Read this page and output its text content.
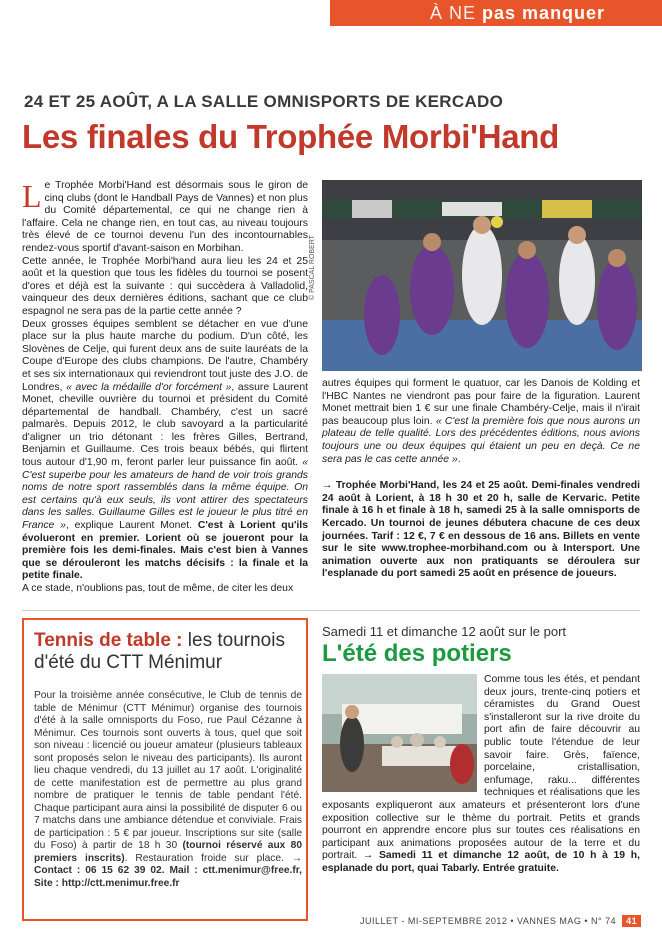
À NE pas manquer
24 ET 25 AOÛT, A LA SALLE OMNISPORTS DE KERCADO
Les finales du Trophée Morbi'Hand

Le Trophée Morbi'Hand est désormais sous le giron de cinq clubs (dont le Handball Pays de Vannes) et non plus du Comité départemental, ce qui ne change rien à l'affaire. Cela ne change rien, en tout cas, au niveau toujours très élevé de ce tournoi devenu l'un des incontournables rendez-vous sportif d'avant-saison en Morbihan.

Cette année, le Trophée Morbi'hand aura lieu les 24 et 25 août et la question que tous les fidèles du tournoi se posent d'ores et déjà est la suivante : qui succèdera à Valladolid, vainqueur des deux dernières éditions, sachant que ce club espagnol ne sera pas de la partie cette année ?

Deux grosses équipes semblent se détacher en vue d'une place sur la plus haute marche du podium. D'un côté, les Slovènes de Celje, qui furent deux ans de suite lauréats de la Coupe d'Europe des clubs champions. De l'autre, Chambéry et ses six internationaux qui reviendront tout juste des J.O. de Londres, « avec la médaille d'or forcément », assure Laurent Monet, cheville ouvrière du tournoi et président du Comité départemental de handball. Chambéry, c'est un sacré palmarès. Depuis 2012, le club savoyard a la particularité d'aligner un trio détonant : les frères Gilles, Bertrand, Benjamin et Guillaume. Ces trois beaux bébés, qui flirtent tous autour d'1,90 m, feront parler leur puissance fin août. « C'est superbe pour les amateurs de hand de voir trois grands noms de notre sport rassemblés dans la même équipe. On est certains qu'à eux seuls, ils vont attirer des spectateurs dans les salles. Guillaume Gilles est le joueur le plus titré en France », explique Laurent Monet. C'est à Lorient qu'ils évolueront en premier. Lorient où se joueront pour la première fois les demi-finales. Mais c'est bien à Vannes que se dérouleront les matchs décisifs : la finale et la petite finale.

A ce stade, n'oublions pas, tout de même, de citer les deux

© PASCAL ROBERT

autres équipes qui forment le quatuor, car les Danois de Kolding et l'HBC Nantes ne viendront pas pour faire de la figuration. Laurent Monet mettrait bien 1 € sur une finale Chambéry-Celje, mais il n'irait pas beaucoup plus loin. « C'est la première fois que nous aurons un plateau de telle qualité. Lors des précédentes éditions, nous avions toujours une ou deux équipes qui étaient un peu en deçà. Ce ne sera pas le cas cette année ».

→ Trophée Morbi'Hand, les 24 et 25 août. Demi-finales vendredi 24 août à Lorient, à 18 h 30 et 20 h, salle de Kervaric. Petite finale à 16 h et finale à 18 h, samedi 25 à la salle omnisports de Kercado. Un tournoi de jeunes débutera chacune de ces deux journées. Tarif : 12 €, 7 € en dessous de 16 ans. Billets en vente sur le site www.trophee-morbihand.com ou à Intersport. Une animation ouverte aux non pratiquants se déroulera sur l'esplanade du port samedi 25 août en présence de joueurs.

Tennis de table : les tournois d'été du CTT Ménimur
Pour la troisième année consécutive, le Club de tennis de table de Ménimur (CTT Ménimur) organise des tournois d'été à la salle omnisports du Foso, rue Paul Cézanne à Ménimur. Ces tournois sont ouverts à tous, quel que soit son niveau : licencié ou joueur amateur (plusieurs tableaux sont proposés selon le niveau des participants). Ils auront lieu chaque vendredi, du 13 juillet au 17 août. L'originalité de cette manifestation est de permettre au plus grand nombre de pratiquer le tennis de table pendant l'été. Chaque participant aura ainsi la possibilité de disputer 6 ou 7 matchs dans une ambiance détendue et conviviale. Frais de participation : 5 € par joueur. Inscriptions sur site (salle du Foso) à partir de 18 h 30 (tournoi réservé aux 80 premiers inscrits). Restauration froide sur place. → Contact : 06 15 62 39 02. Mail : ctt.menimur@free.fr, Site : http://ctt.menimur.free.fr
Samedi 11 et dimanche 12 août sur le port
L'été des potiers
Comme tous les étés, et pendant deux jours, trente-cinq potiers et céramistes du Grand Ouest s'installeront sur la rive droite du port afin de faire découvrir au public toute l'étendue de leur savoir faire. Grès, faïence, porcelaine, cristallisation, enfumage, raku... différentes techniques et réalisations que les exposants expliqueront aux amateurs et présenteront lors d'une exposition collective sur le thème du portrait. Petits et grands pourront en apprendre encore plus sur toutes ces réalisations en participant aux animations proposées autour de la terre et du portrait. → Samedi 11 et dimanche 12 août, de 10 h à 19 h, esplanade du port, quai Tabarly. Entrée gratuite.
JUILLET - MI-SEPTEMBRE 2012 • VANNES MAG • N° 74 41
